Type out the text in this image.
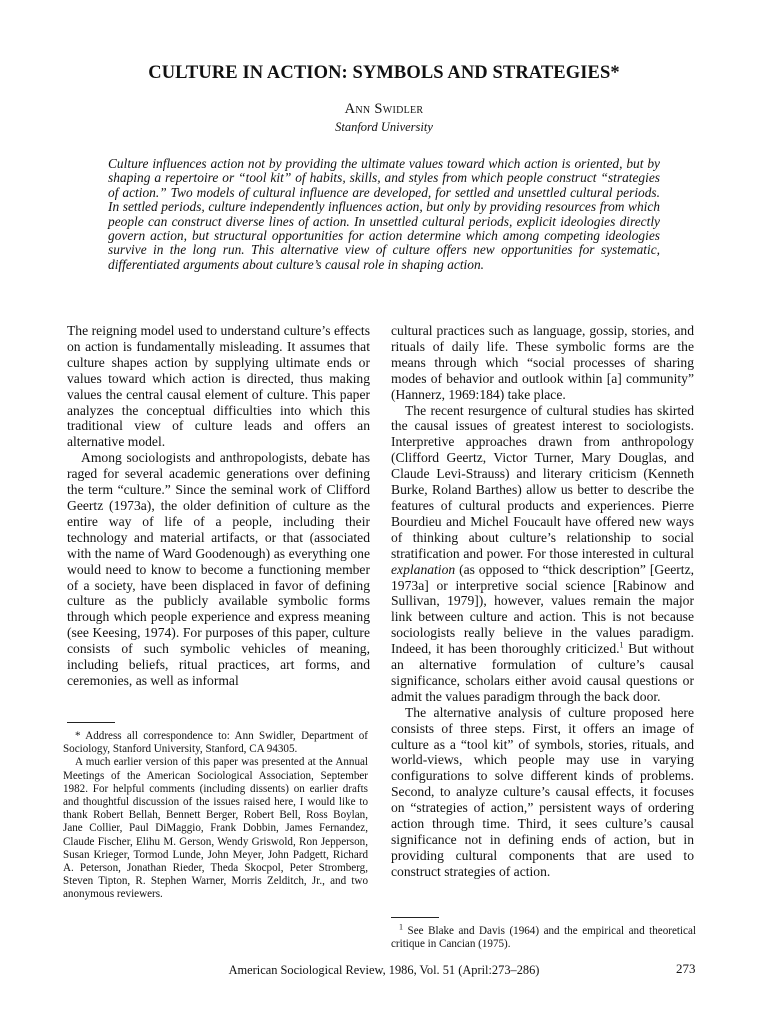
CULTURE IN ACTION: SYMBOLS AND STRATEGIES*
Ann Swidler
Stanford University

Culture influences action not by providing the ultimate values toward which action is oriented, but by shaping a repertoire or “tool kit” of habits, skills, and styles from which people construct “strategies of action.” Two models of cultural influence are developed, for settled and unsettled cultural periods. In settled periods, culture independently influences action, but only by providing resources from which people can construct diverse lines of action. In unsettled cultural periods, explicit ideologies directly govern action, but structural opportunities for action determine which among competing ideologies survive in the long run. This alternative view of culture offers new opportunities for systematic, differentiated arguments about culture’s causal role in shaping action.

The reigning model used to understand culture’s effects on action is fundamentally misleading. It assumes that culture shapes action by supplying ultimate ends or values toward which action is directed, thus making values the central causal element of culture. This paper analyzes the conceptual difficulties into which this traditional view of culture leads and offers an alternative model.

Among sociologists and anthropologists, debate has raged for several academic generations over defining the term “culture.” Since the seminal work of Clifford Geertz (1973a), the older definition of culture as the entire way of life of a people, including their technology and material artifacts, or that (associated with the name of Ward Goodenough) as everything one would need to know to become a functioning member of a society, have been displaced in favor of defining culture as the publicly available symbolic forms through which people experience and express meaning (see Keesing, 1974). For purposes of this paper, culture consists of such symbolic vehicles of meaning, including beliefs, ritual practices, art forms, and ceremonies, as well as informal

cultural practices such as language, gossip, stories, and rituals of daily life. These symbolic forms are the means through which “social processes of sharing modes of behavior and outlook within [a] community” (Hannerz, 1969:184) take place.

The recent resurgence of cultural studies has skirted the causal issues of greatest interest to sociologists. Interpretive approaches drawn from anthropology (Clifford Geertz, Victor Turner, Mary Douglas, and Claude Levi-Strauss) and literary criticism (Kenneth Burke, Roland Barthes) allow us better to describe the features of cultural products and experiences. Pierre Bourdieu and Michel Foucault have offered new ways of thinking about culture’s relationship to social stratification and power. For those interested in cultural explanation (as opposed to “thick description” [Geertz, 1973a] or interpretive social science [Rabinow and Sullivan, 1979]), however, values remain the major link between culture and action. This is not because sociologists really believe in the values paradigm. Indeed, it has been thoroughly criticized.$^1$ But without an alternative formulation of culture’s causal significance, scholars either avoid causal questions or admit the values paradigm through the back door.

The alternative analysis of culture proposed here consists of three steps. First, it offers an image of culture as a “tool kit” of symbols, stories, rituals, and world-views, which people may use in varying configurations to solve different kinds of problems. Second, to analyze culture’s causal effects, it focuses on “strategies of action,” persistent ways of ordering action through time. Third, it sees culture’s causal significance not in defining ends of action, but in providing cultural components that are used to construct strategies of action.

* Address all correspondence to: Ann Swidler, Department of Sociology, Stanford University, Stanford, CA 94305.

A much earlier version of this paper was presented at the Annual Meetings of the American Sociological Association, September 1982. For helpful comments (including dissents) on earlier drafts and thoughtful discussion of the issues raised here, I would like to thank Robert Bellah, Bennett Berger, Robert Bell, Ross Boylan, Jane Collier, Paul DiMaggio, Frank Dobbin, James Fernandez, Claude Fischer, Elihu M. Gerson, Wendy Griswold, Ron Jepperson, Susan Krieger, Tormod Lunde, John Meyer, John Padgett, Richard A. Peterson, Jonathan Rieder, Theda Skocpol, Peter Stromberg, Steven Tipton, R. Stephen Warner, Morris Zelditch, Jr., and two anonymous reviewers.

$^1$ See Blake and Davis (1964) and the empirical and theoretical critique in Cancian (1975).

American Sociological Review, 1986, Vol. 51 (April:273–286)	273
